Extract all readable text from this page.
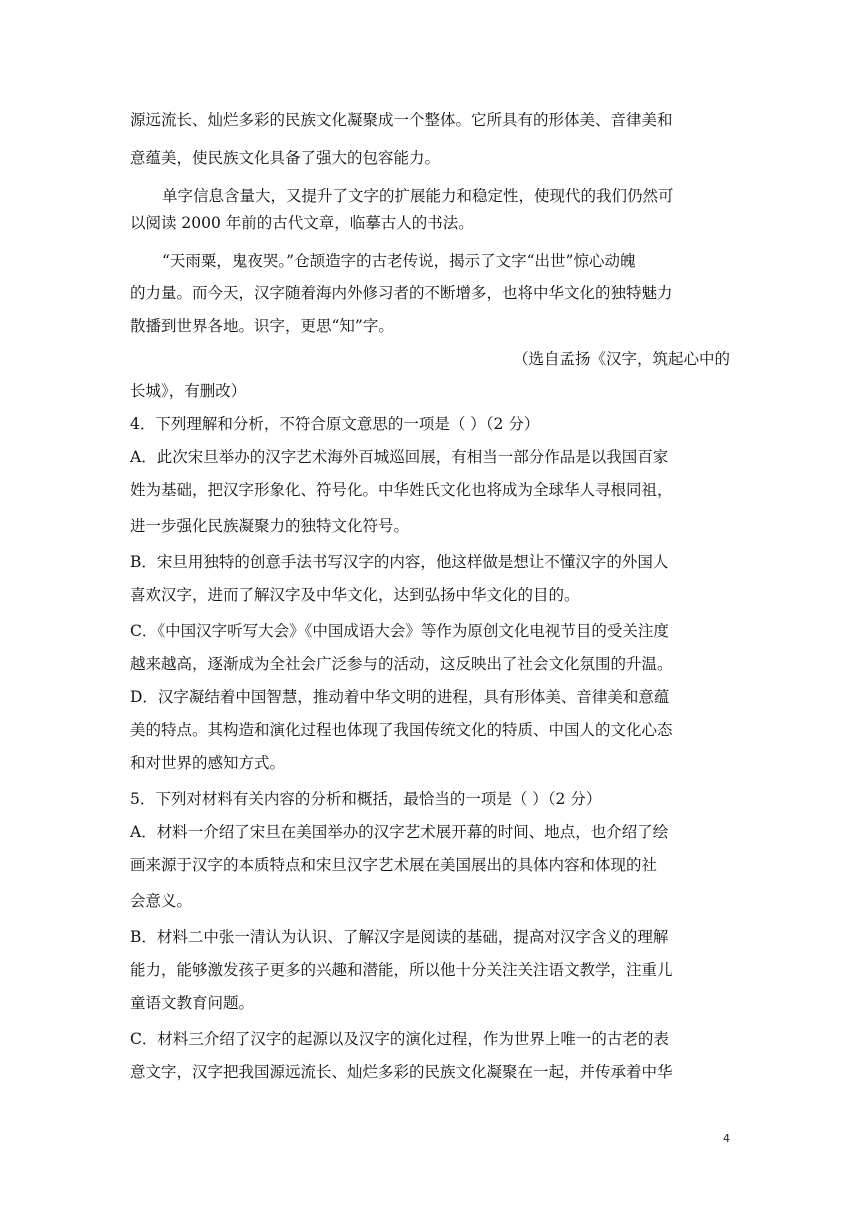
源远流长、灿烂多彩的民族文化凝聚成一个整体。它所具有的形体美、音律美和
意蕴美，使民族文化具备了强大的包容能力。
单字信息含量大，又提升了文字的扩展能力和稳定性，使现代的我们仍然可
以阅读 2000 年前的古代文章，临摹古人的书法。
“天雨粟，鬼夜哭。”仓颉造字的古老传说，揭示了文字“出世”惊心动魄
的力量。而今天，汉字随着海内外修习者的不断增多，也将中华文化的独特魅力
散播到世界各地。识字，更思“知”字。
（选自孟扬《汉字，筑起心中的
长城》，有删改）
4．下列理解和分析，不符合原文意思的一项是（ ）（2 分）
A．此次宋旦举办的汉字艺术海外百城巡回展，有相当一部分作品是以我国百家
姓为基础，把汉字形象化、符号化。中华姓氏文化也将成为全球华人寻根同祖，
进一步强化民族凝聚力的独特文化符号。
B．宋旦用独特的创意手法书写汉字的内容，他这样做是想让不懂汉字的外国人
喜欢汉字，进而了解汉字及中华文化，达到弘扬中华文化的目的。
C．《中国汉字听写大会》《中国成语大会》等作为原创文化电视节目的受关注度
越来越高，逐渐成为全社会广泛参与的活动，这反映出了社会文化氛围的升温。
D．汉字凝结着中国智慧，推动着中华文明的进程，具有形体美、音律美和意蕴
美的特点。其构造和演化过程也体现了我国传统文化的特质、中国人的文化心态
和对世界的感知方式。
5．下列对材料有关内容的分析和概括，最恰当的一项是（ ）（2 分）
A．材料一介绍了宋旦在美国举办的汉字艺术展开幕的时间、地点，也介绍了绘
画来源于汉字的本质特点和宋旦汉字艺术展在美国展出的具体内容和体现的社
会意义。
B．材料二中张一清认为认识、了解汉字是阅读的基础，提高对汉字含义的理解
能力，能够激发孩子更多的兴趣和潜能，所以他十分关注关注语文教学，注重儿
童语文教育问题。
C．材料三介绍了汉字的起源以及汉字的演化过程，作为世界上唯一的古老的表
意文字，汉字把我国源远流长、灿烂多彩的民族文化凝聚在一起，并传承着中华
4
